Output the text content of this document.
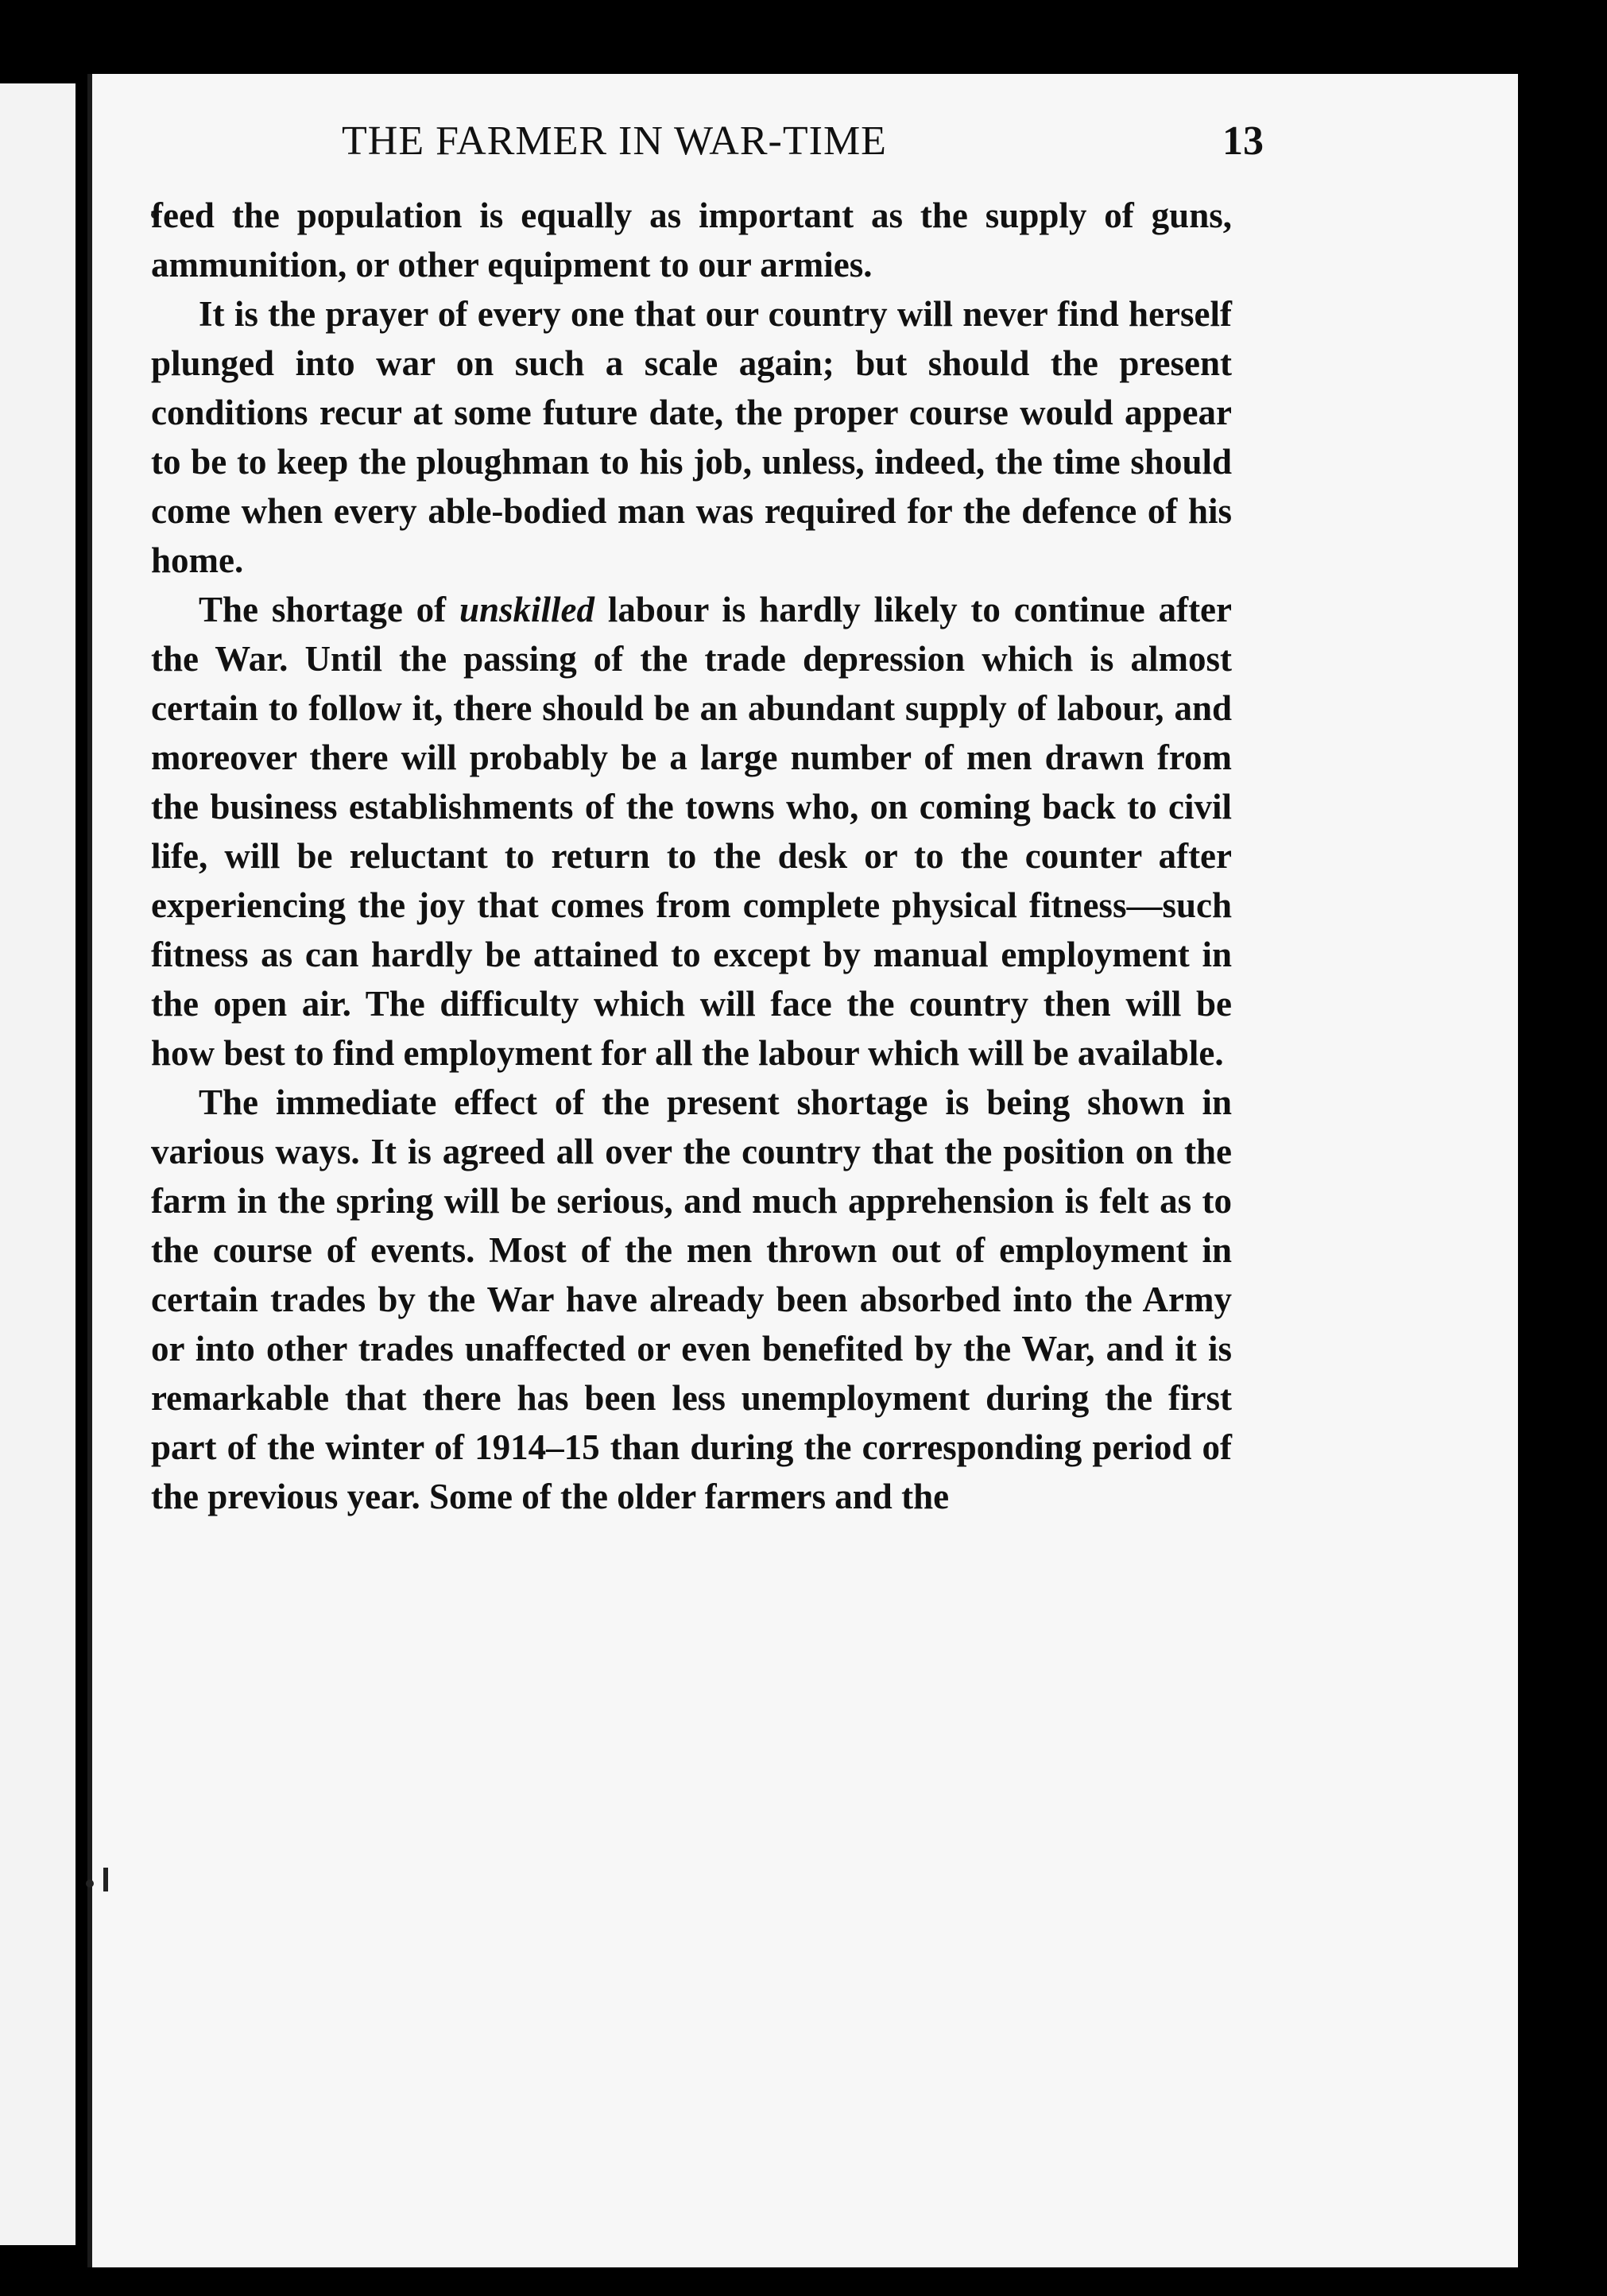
THE FARMER IN WAR-TIME	13

feed the population is equally as important as the supply of guns, ammunition, or other equipment to our armies.

It is the prayer of every one that our country will never find herself plunged into war on such a scale again; but should the present conditions recur at some future date, the proper course would appear to be to keep the ploughman to his job, unless, indeed, the time should come when every able-bodied man was required for the defence of his home.

The shortage of unskilled labour is hardly likely to continue after the War. Until the passing of the trade depression which is almost certain to follow it, there should be an abundant supply of labour, and moreover there will probably be a large number of men drawn from the business establishments of the towns who, on coming back to civil life, will be reluctant to return to the desk or to the counter after experiencing the joy that comes from complete physical fitness—such fitness as can hardly be attained to except by manual employment in the open air. The difficulty which will face the country then will be how best to find employment for all the labour which will be available.

The immediate effect of the present shortage is being shown in various ways. It is agreed all over the country that the position on the farm in the spring will be serious, and much apprehension is felt as to the course of events. Most of the men thrown out of employment in certain trades by the War have already been absorbed into the Army or into other trades unaffected or even benefited by the War, and it is remarkable that there has been less unemployment during the first part of the winter of 1914–15 than during the corresponding period of the previous year. Some of the older farmers and the
